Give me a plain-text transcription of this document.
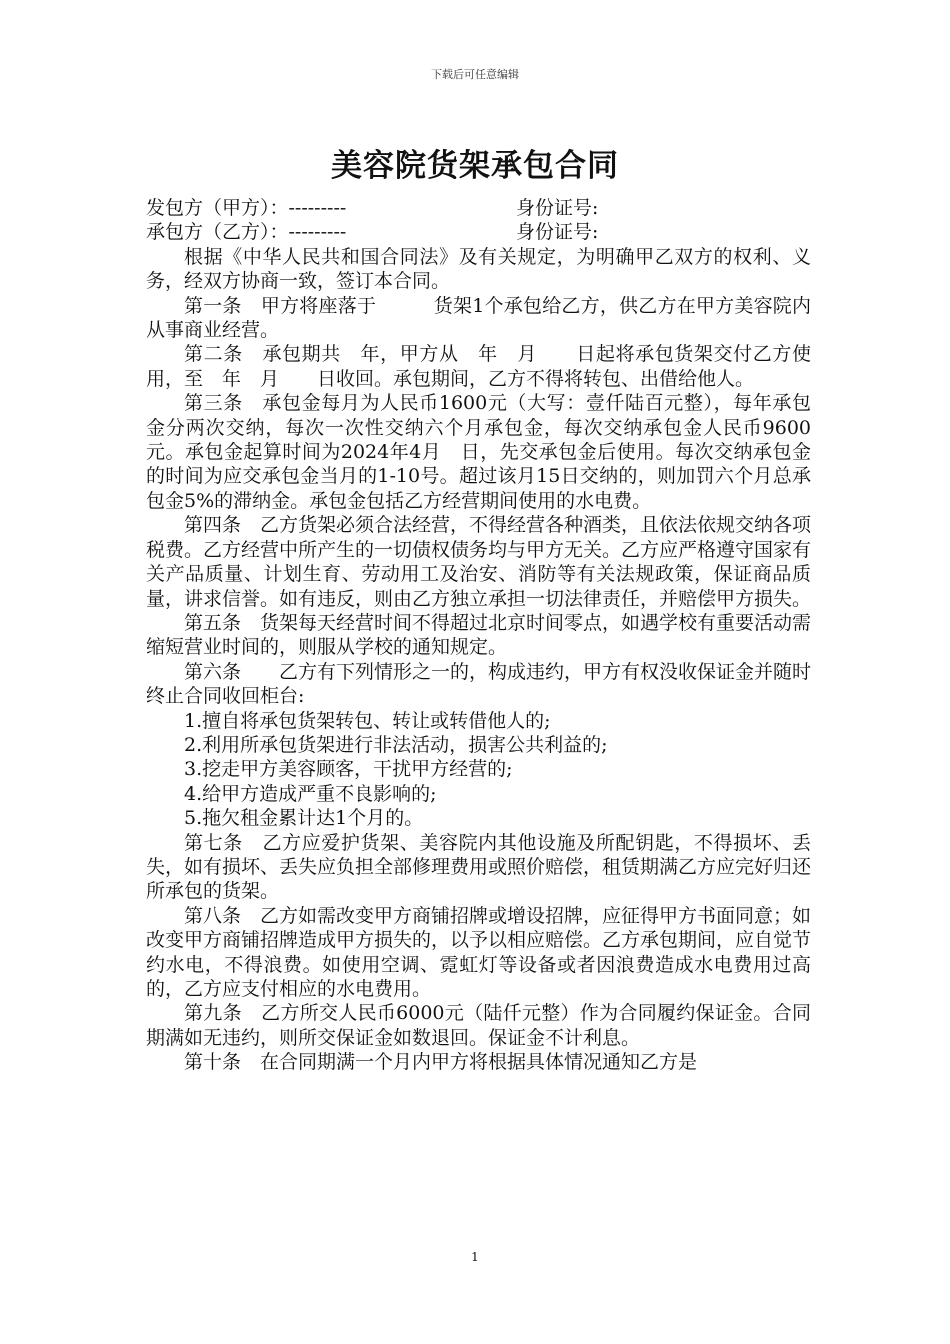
下载后可任意编辑
美容院货架承包合同
发包方（甲方）：---------	身份证号:
承包方（乙方）：---------	身份证号:

根据《中华人民共和国合同法》及有关规定，为明确甲乙双方的权利、义务，经双方协商一致，签订本合同。

第一条　甲方将座落于　　　货架1个承包给乙方，供乙方在甲方美容院内从事商业经营。

第二条　承包期共　年，甲方从　年　月　　日起将承包货架交付乙方使用，至　年　月　　日收回。承包期间，乙方不得将转包、出借给他人。

第三条　承包金每月为人民币1600元（大写：壹仟陆百元整），每年承包金分两次交纳，每次一次性交纳六个月承包金，每次交纳承包金人民币9600元。承包金起算时间为2024年4月　日，先交承包金后使用。每次交纳承包金的时间为应交承包金当月的1-10号。超过该月15日交纳的，则加罚六个月总承包金5%的滞纳金。承包金包括乙方经营期间使用的水电费。

第四条　乙方货架必须合法经营，不得经营各种酒类，且依法依规交纳各项税费。乙方经营中所产生的一切债权债务均与甲方无关。乙方应严格遵守国家有关产品质量、计划生育、劳动用工及治安、消防等有关法规政策，保证商品质量，讲求信誉。如有违反，则由乙方独立承担一切法律责任，并赔偿甲方损失。

第五条　货架每天经营时间不得超过北京时间零点，如遇学校有重要活动需缩短营业时间的，则服从学校的通知规定。

第六条　　乙方有下列情形之一的，构成违约，甲方有权没收保证金并随时终止合同收回柜台:

1.擅自将承包货架转包、转让或转借他人的;

2.利用所承包货架进行非法活动，损害公共利益的;

3.挖走甲方美容顾客，干扰甲方经营的;

4.给甲方造成严重不良影响的;

5.拖欠租金累计达1个月的。

第七条　乙方应爱护货架、美容院内其他设施及所配钥匙，不得损坏、丢失，如有损坏、丢失应负担全部修理费用或照价赔偿，租赁期满乙方应完好归还所承包的货架。

第八条　乙方如需改变甲方商铺招牌或增设招牌，应征得甲方书面同意；如改变甲方商铺招牌造成甲方损失的，以予以相应赔偿。乙方承包期间，应自觉节约水电，不得浪费。如使用空调、霓虹灯等设备或者因浪费造成水电费用过高的，乙方应支付相应的水电费用。

第九条　乙方所交人民币6000元（陆仟元整）作为合同履约保证金。合同期满如无违约，则所交保证金如数退回。保证金不计利息。

第十条　在合同期满一个月内甲方将根据具体情况通知乙方是

1
